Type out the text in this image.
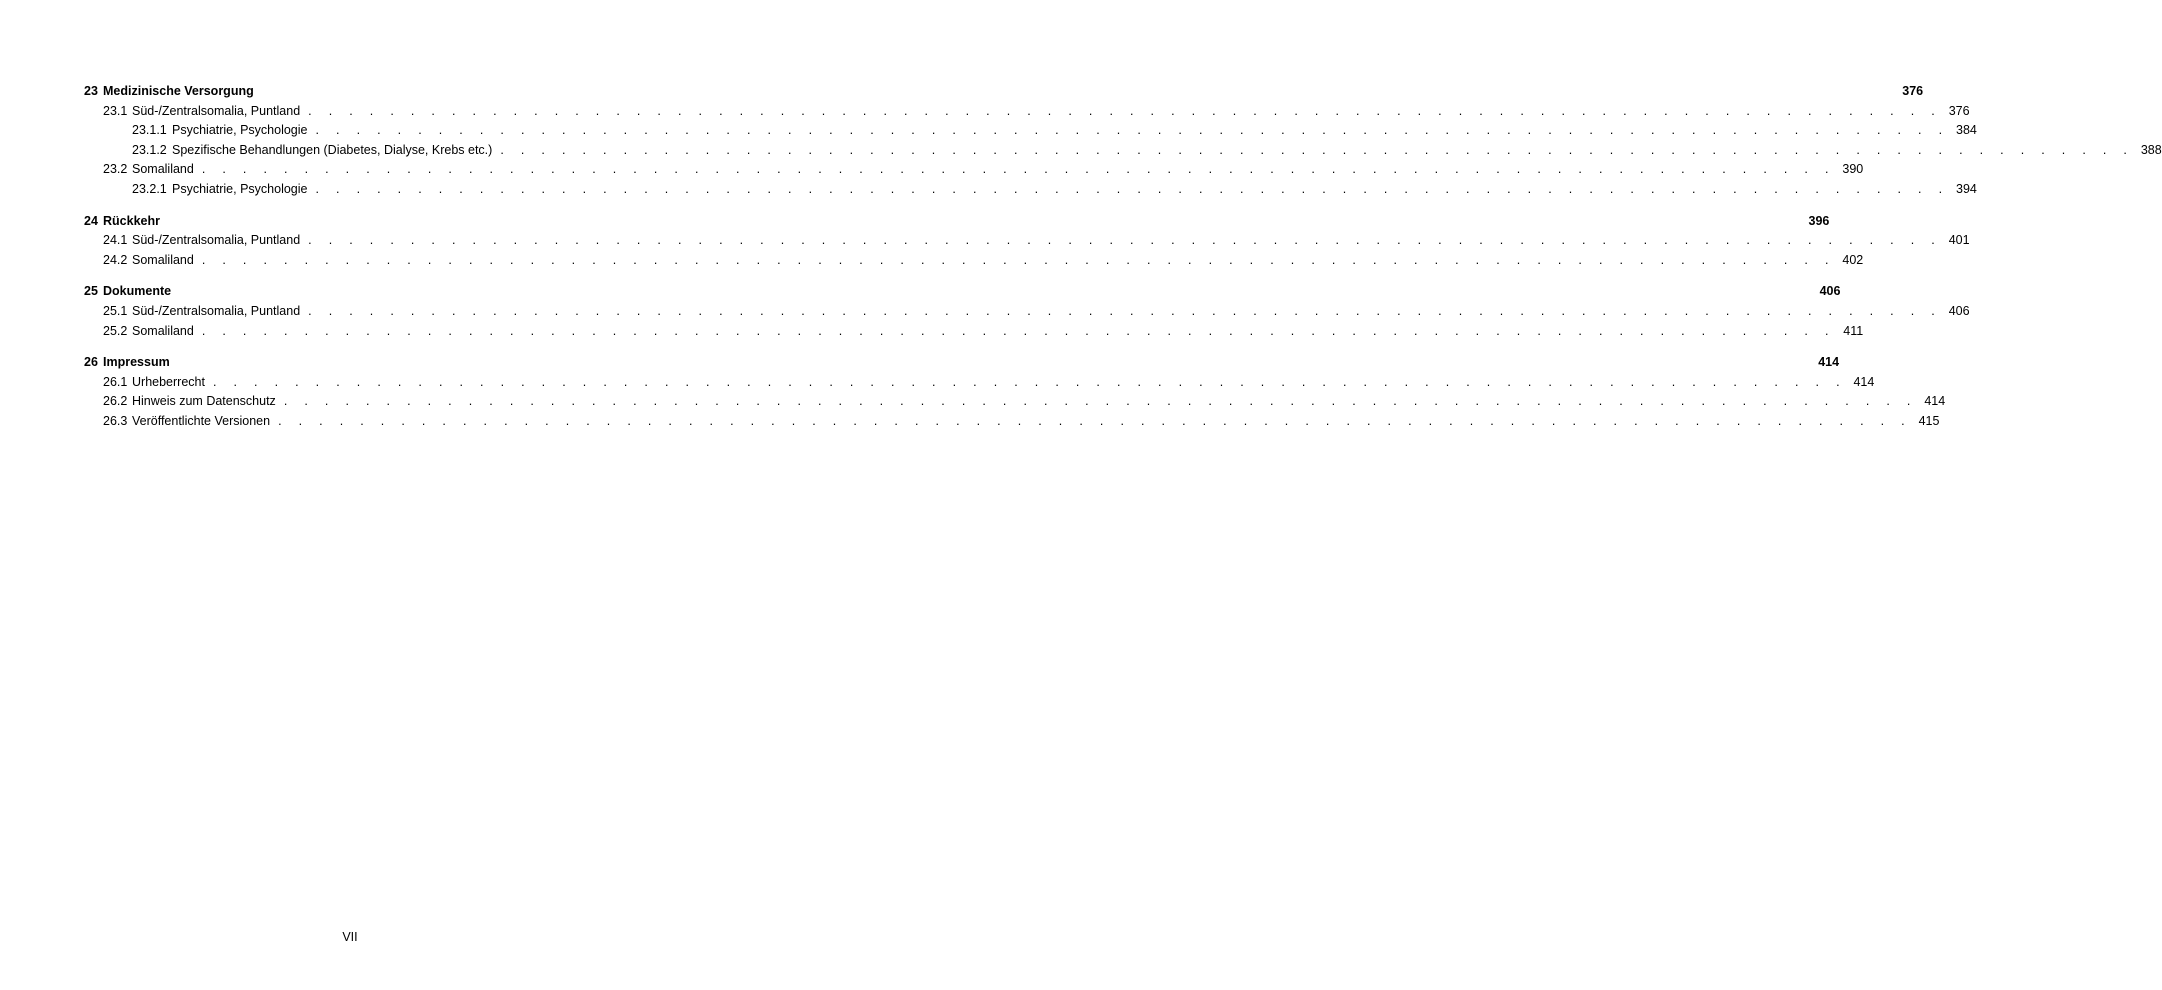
23 Medizinische Versorgung	376
23.1 Süd-/Zentralsomalia, Puntland . . . . . . . . . . . . . . . . . . . . . . . . . . . . . . . . . . . . . . . . . . . . . . . . . . . . . . . . . . . . . . . . . . . . . . . . . . . . . . . . 376
23.1.1 Psychiatrie, Psychologie . . . . . . . . . . . . . . . . . . . . . . . . . . . . . . . . . . . . . . . . . . . . . . . . . . . . . . . . . . . . . . . . . . . . . . . . . . . . . . . . 384
23.1.2 Spezifische Behandlungen (Diabetes, Dialyse, Krebs etc.) . . . . . . . . . . . . . . . . . . . . . . . . . . . . . . . . . . . . . . . . . . . . . . . . . . . . . . . . . . . . . . . . . . . . . . . . . . . . . . . . 388
23.2 Somaliland . . . . . . . . . . . . . . . . . . . . . . . . . . . . . . . . . . . . . . . . . . . . . . . . . . . . . . . . . . . . . . . . . . . . . . . . . . . . . . . . 390
23.2.1 Psychiatrie, Psychologie . . . . . . . . . . . . . . . . . . . . . . . . . . . . . . . . . . . . . . . . . . . . . . . . . . . . . . . . . . . . . . . . . . . . . . . . . . . . . . . . 394
24 Rückkehr	396
24.1 Süd-/Zentralsomalia, Puntland . . . . . . . . . . . . . . . . . . . . . . . . . . . . . . . . . . . . . . . . . . . . . . . . . . . . . . . . . . . . . . . . . . . . . . . . . . . . . . . . 401
24.2 Somaliland . . . . . . . . . . . . . . . . . . . . . . . . . . . . . . . . . . . . . . . . . . . . . . . . . . . . . . . . . . . . . . . . . . . . . . . . . . . . . . . . 402
25 Dokumente	406
25.1 Süd-/Zentralsomalia, Puntland . . . . . . . . . . . . . . . . . . . . . . . . . . . . . . . . . . . . . . . . . . . . . . . . . . . . . . . . . . . . . . . . . . . . . . . . . . . . . . . . 406
25.2 Somaliland . . . . . . . . . . . . . . . . . . . . . . . . . . . . . . . . . . . . . . . . . . . . . . . . . . . . . . . . . . . . . . . . . . . . . . . . . . . . . . . . 411
26 Impressum	414
26.1 Urheberrecht . . . . . . . . . . . . . . . . . . . . . . . . . . . . . . . . . . . . . . . . . . . . . . . . . . . . . . . . . . . . . . . . . . . . . . . . . . . . . . . . 414
26.2 Hinweis zum Datenschutz . . . . . . . . . . . . . . . . . . . . . . . . . . . . . . . . . . . . . . . . . . . . . . . . . . . . . . . . . . . . . . . . . . . . . . . . . . . . . . . . 414
26.3 Veröffentlichte Versionen . . . . . . . . . . . . . . . . . . . . . . . . . . . . . . . . . . . . . . . . . . . . . . . . . . . . . . . . . . . . . . . . . . . . . . . . . . . . . . . . 415
VII
